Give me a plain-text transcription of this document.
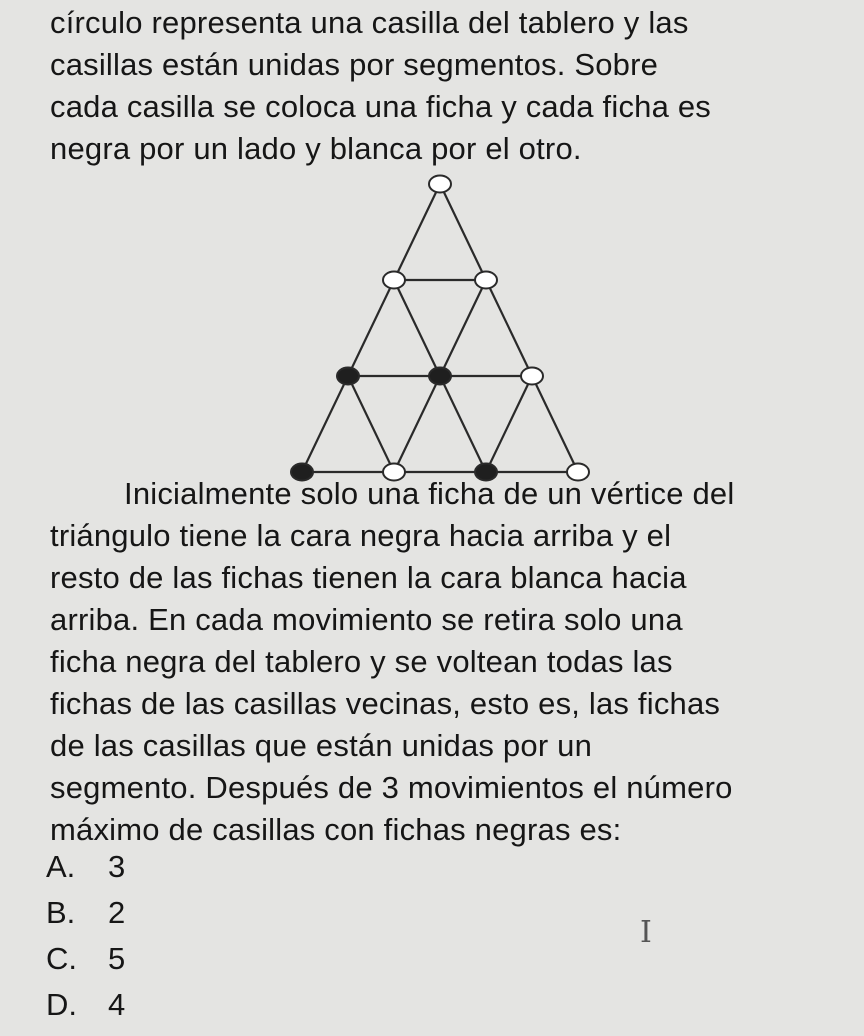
círculo representa una casilla del tablero y las
casillas están unidas por segmentos. Sobre
cada casilla se coloca una ficha y cada ficha es
negra por un lado y blanca por el otro.

Inicialmente solo una ficha de un vértice del
triángulo tiene la cara negra hacia arriba y el
resto de las fichas tienen la cara blanca hacia
arriba. En cada movimiento se retira solo una
ficha negra del tablero y se voltean todas las
fichas de las casillas vecinas, esto es, las fichas
de las casillas que están unidas por un
segmento. Después de 3 movimientos el número
máximo de casillas con fichas negras es:

A.	3
B.	2
C.	5
D.	4
I
